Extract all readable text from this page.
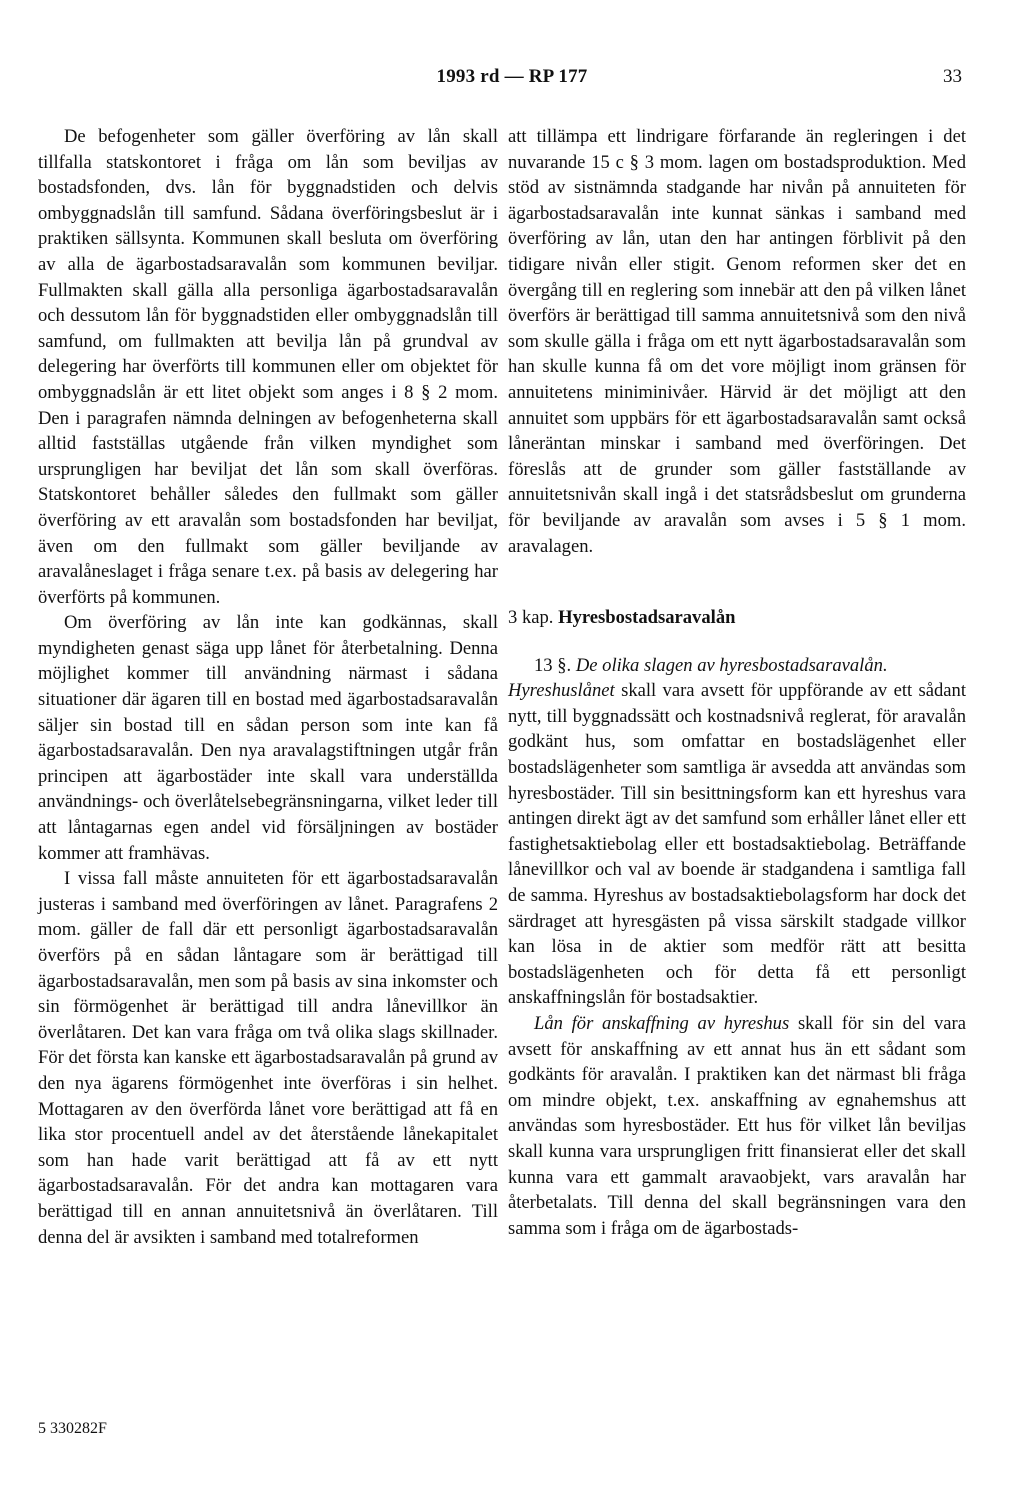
1993 rd — RP 177	33

De befogenheter som gäller överföring av lån skall tillfalla statskontoret i fråga om lån som beviljas av bostadsfonden, dvs. lån för byggnadstiden och delvis ombyggnadslån till samfund. Sådana överföringsbeslut är i praktiken sällsynta. Kommunen skall besluta om överföring av alla de ägarbostadsaravalån som kommunen beviljar. Fullmakten skall gälla alla personliga ägarbostadsaravalån och dessutom lån för byggnadstiden eller ombyggnadslån till samfund, om fullmakten att bevilja lån på grundval av delegering har överförts till kommunen eller om objektet för ombyggnadslån är ett litet objekt som anges i 8 § 2 mom. Den i paragrafen nämnda delningen av befogenheterna skall alltid fastställas utgående från vilken myndighet som ursprungligen har beviljat det lån som skall överföras. Statskontoret behåller således den fullmakt som gäller överföring av ett aravalån som bostadsfonden har beviljat, även om den fullmakt som gäller beviljande av aravalåneslaget i fråga senare t.ex. på basis av delegering har överförts på kommunen.

Om överföring av lån inte kan godkännas, skall myndigheten genast säga upp lånet för återbetalning. Denna möjlighet kommer till användning närmast i sådana situationer där ägaren till en bostad med ägarbostadsaravalån säljer sin bostad till en sådan person som inte kan få ägarbostadsaravalån. Den nya aravalagstiftningen utgår från principen att ägarbostäder inte skall vara underställda användnings- och överlåtelsebegränsningarna, vilket leder till att låntagarnas egen andel vid försäljningen av bostäder kommer att framhävas.

I vissa fall måste annuiteten för ett ägarbostadsaravalån justeras i samband med överföringen av lånet. Paragrafens 2 mom. gäller de fall där ett personligt ägarbostadsaravalån överförs på en sådan låntagare som är berättigad till ägarbostadsaravalån, men som på basis av sina inkomster och sin förmögenhet är berättigad till andra lånevillkor än överlåtaren. Det kan vara fråga om två olika slags skillnader. För det första kan kanske ett ägarbostadsaravalån på grund av den nya ägarens förmögenhet inte överföras i sin helhet. Mottagaren av den överförda lånet vore berättigad att få en lika stor procentuell andel av det återstående lånekapitalet som han hade varit berättigad att få av ett nytt ägarbostadsaravalån. För det andra kan mottagaren vara berättigad till en annan annuitetsnivå än överlåtaren. Till denna del är avsikten i samband med totalreformen

att tillämpa ett lindrigare förfarande än regleringen i det nuvarande 15 c § 3 mom. lagen om bostadsproduktion. Med stöd av sistnämnda stadgande har nivån på annuiteten för ägarbostadsaravalån inte kunnat sänkas i samband med överföring av lån, utan den har antingen förblivit på den tidigare nivån eller stigit. Genom reformen sker det en övergång till en reglering som innebär att den på vilken lånet överförs är berättigad till samma annuitetsnivå som den nivå som skulle gälla i fråga om ett nytt ägarbostadsaravalån som han skulle kunna få om det vore möjligt inom gränsen för annuitetens miniminivåer. Härvid är det möjligt att den annuitet som uppbärs för ett ägarbostadsaravalån samt också låneräntan minskar i samband med överföringen. Det föreslås att de grunder som gäller fastställande av annuitetsnivån skall ingå i det statsrådsbeslut om grunderna för beviljande av aravalån som avses i 5 § 1 mom. aravalagen.

3 kap. Hyresbostadsaravalån

13 §. De olika slagen av hyresbostadsaravalån.

Hyreshuslånet skall vara avsett för uppförande av ett sådant nytt, till byggnadssätt och kostnadsnivå reglerat, för aravalån godkänt hus, som omfattar en bostadslägenhet eller bostadslägenheter som samtliga är avsedda att användas som hyresbostäder. Till sin besittningsform kan ett hyreshus vara antingen direkt ägt av det samfund som erhåller lånet eller ett fastighetsaktiebolag eller ett bostadsaktiebolag. Beträffande lånevillkor och val av boende är stadgandena i samtliga fall de samma. Hyreshus av bostadsaktiebolagsform har dock det särdraget att hyresgästen på vissa särskilt stadgade villkor kan lösa in de aktier som medför rätt att besitta bostadslägenheten och för detta få ett personligt anskaffningslån för bostadsaktier.

Lån för anskaffning av hyreshus skall för sin del vara avsett för anskaffning av ett annat hus än ett sådant som godkänts för aravalån. I praktiken kan det närmast bli fråga om mindre objekt, t.ex. anskaffning av egnahemshus att användas som hyresbostäder. Ett hus för vilket lån beviljas skall kunna vara ursprungligen fritt finansierat eller det skall kunna vara ett gammalt aravaobjekt, vars aravalån har återbetalats. Till denna del skall begränsningen vara den samma som i fråga om de ägarbostads-

5 330282F
